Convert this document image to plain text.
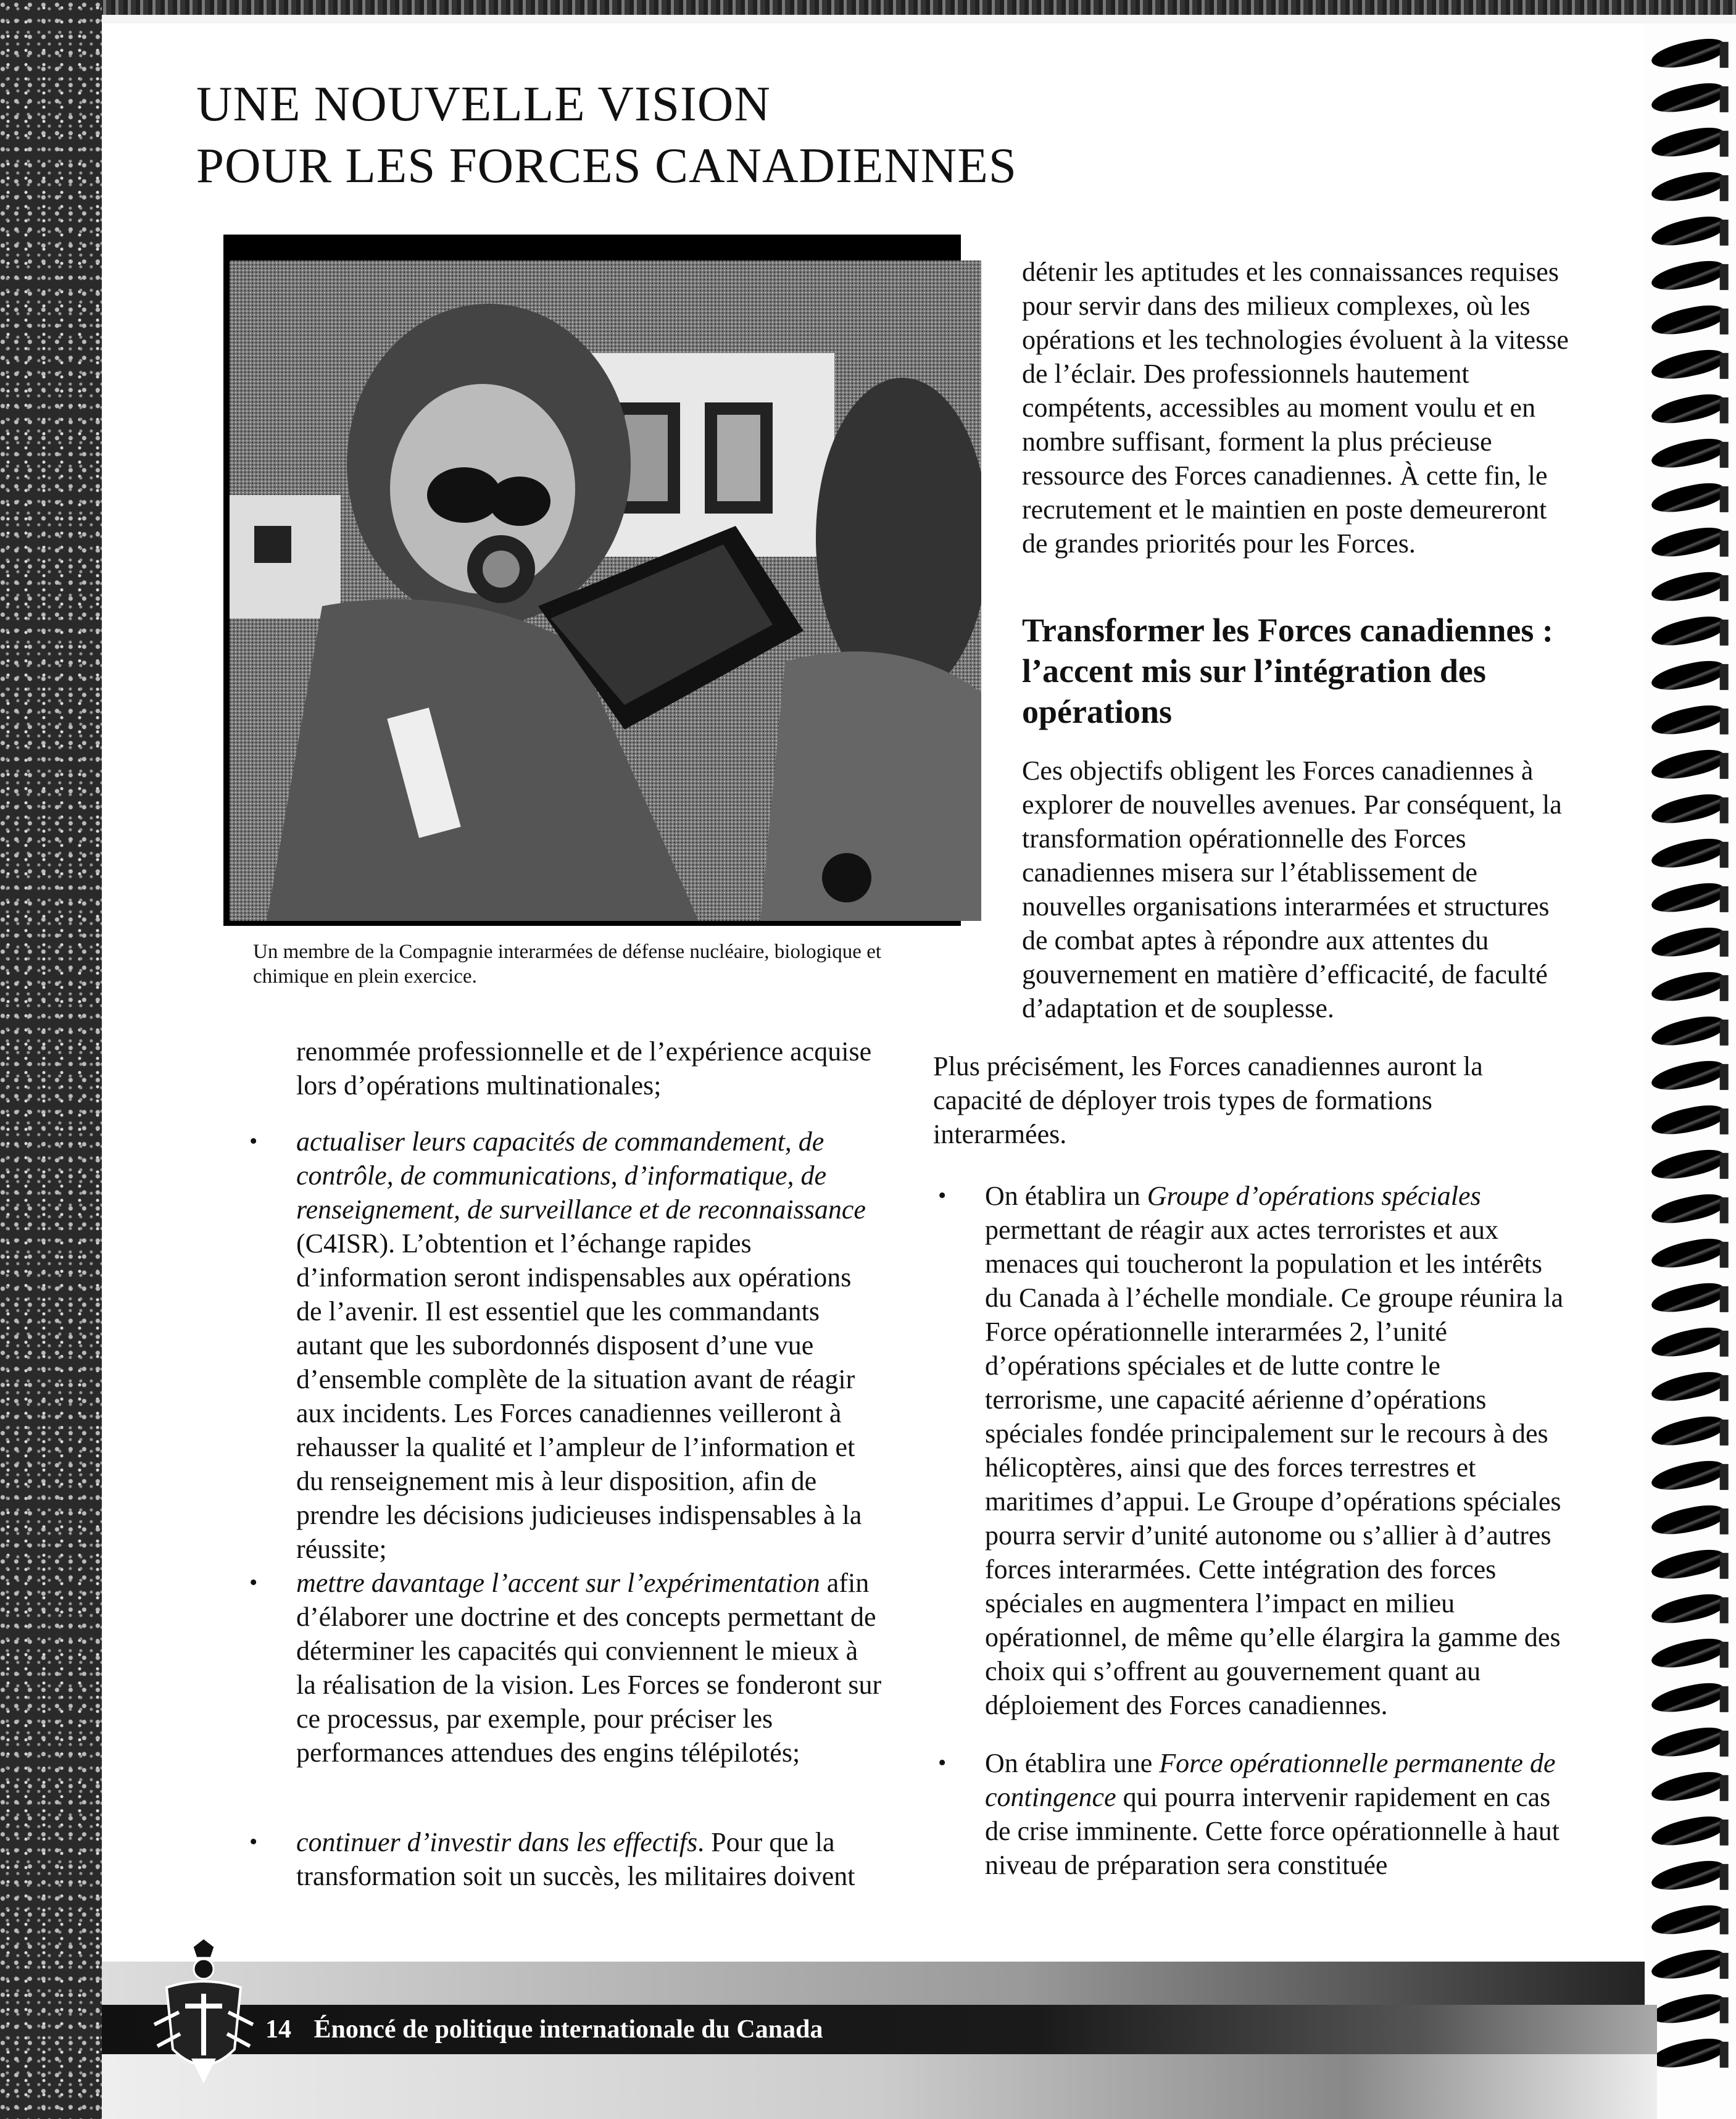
UNE NOUVELLE VISION
POUR LES FORCES CANADIENNES
Un membre de la Compagnie interarmées de défense nucléaire, biologique et chimique en plein exercice.

détenir les aptitudes et les connaissances requises pour servir dans des milieux complexes, où les opérations et les technologies évoluent à la vitesse de l’éclair. Des professionnels hautement compétents, accessibles au moment voulu et en nombre suffisant, forment la plus précieuse ressource des Forces canadiennes. À cette fin, le recrutement et le maintien en poste demeureront de grandes priorités pour les Forces.

Transformer les Forces canadiennes : l’accent mis sur l’intégration des opérations

Ces objectifs obligent les Forces canadiennes à explorer de nouvelles avenues. Par conséquent, la transformation opérationnelle des Forces canadiennes misera sur l’établissement de nouvelles organisations interarmées et structures de combat aptes à répondre aux attentes du gouvernement en matière d’efficacité, de faculté d’adaptation et de souplesse.

Plus précisément, les Forces canadiennes auront la capacité de déployer trois types de formations interarmées.

renommée professionnelle et de l’expérience acquise lors d’opérations multinationales;

• actualiser leurs capacités de commandement, de contrôle, de communications, d’informatique, de renseignement, de surveillance et de reconnaissance (C4ISR). L’obtention et l’échange rapides d’information seront indispensables aux opérations de l’avenir. Il est essentiel que les commandants autant que les subordonnés disposent d’une vue d’ensemble complète de la situation avant de réagir aux incidents. Les Forces canadiennes veilleront à rehausser la qualité et l’ampleur de l’information et du renseignement mis à leur disposition, afin de prendre les décisions judicieuses indispensables à la réussite;
• mettre davantage l’accent sur l’expérimentation afin d’élaborer une doctrine et des concepts permettant de déterminer les capacités qui conviennent le mieux à la réalisation de la vision. Les Forces se fonderont sur ce processus, par exemple, pour préciser les performances attendues des engins télépilotés;
• continuer d’investir dans les effectifs. Pour que la transformation soit un succès, les militaires doivent
• On établira un Groupe d’opérations spéciales permettant de réagir aux actes terroristes et aux menaces qui toucheront la population et les intérêts du Canada à l’échelle mondiale. Ce groupe réunira la Force opérationnelle interarmées 2, l’unité d’opérations spéciales et de lutte contre le terrorisme, une capacité aérienne d’opérations spéciales fondée principalement sur le recours à des hélicoptères, ainsi que des forces terrestres et maritimes d’appui. Le Groupe d’opérations spéciales pourra servir d’unité autonome ou s’allier à d’autres forces interarmées. Cette intégration des forces spéciales en augmentera l’impact en milieu opérationnel, de même qu’elle élargira la gamme des choix qui s’offrent au gouvernement quant au déploiement des Forces canadiennes.
• On établira une Force opérationnelle permanente de contingence qui pourra intervenir rapidement en cas de crise imminente. Cette force opérationnelle à haut niveau de préparation sera constituée
14 Énoncé de politique internationale du Canada
